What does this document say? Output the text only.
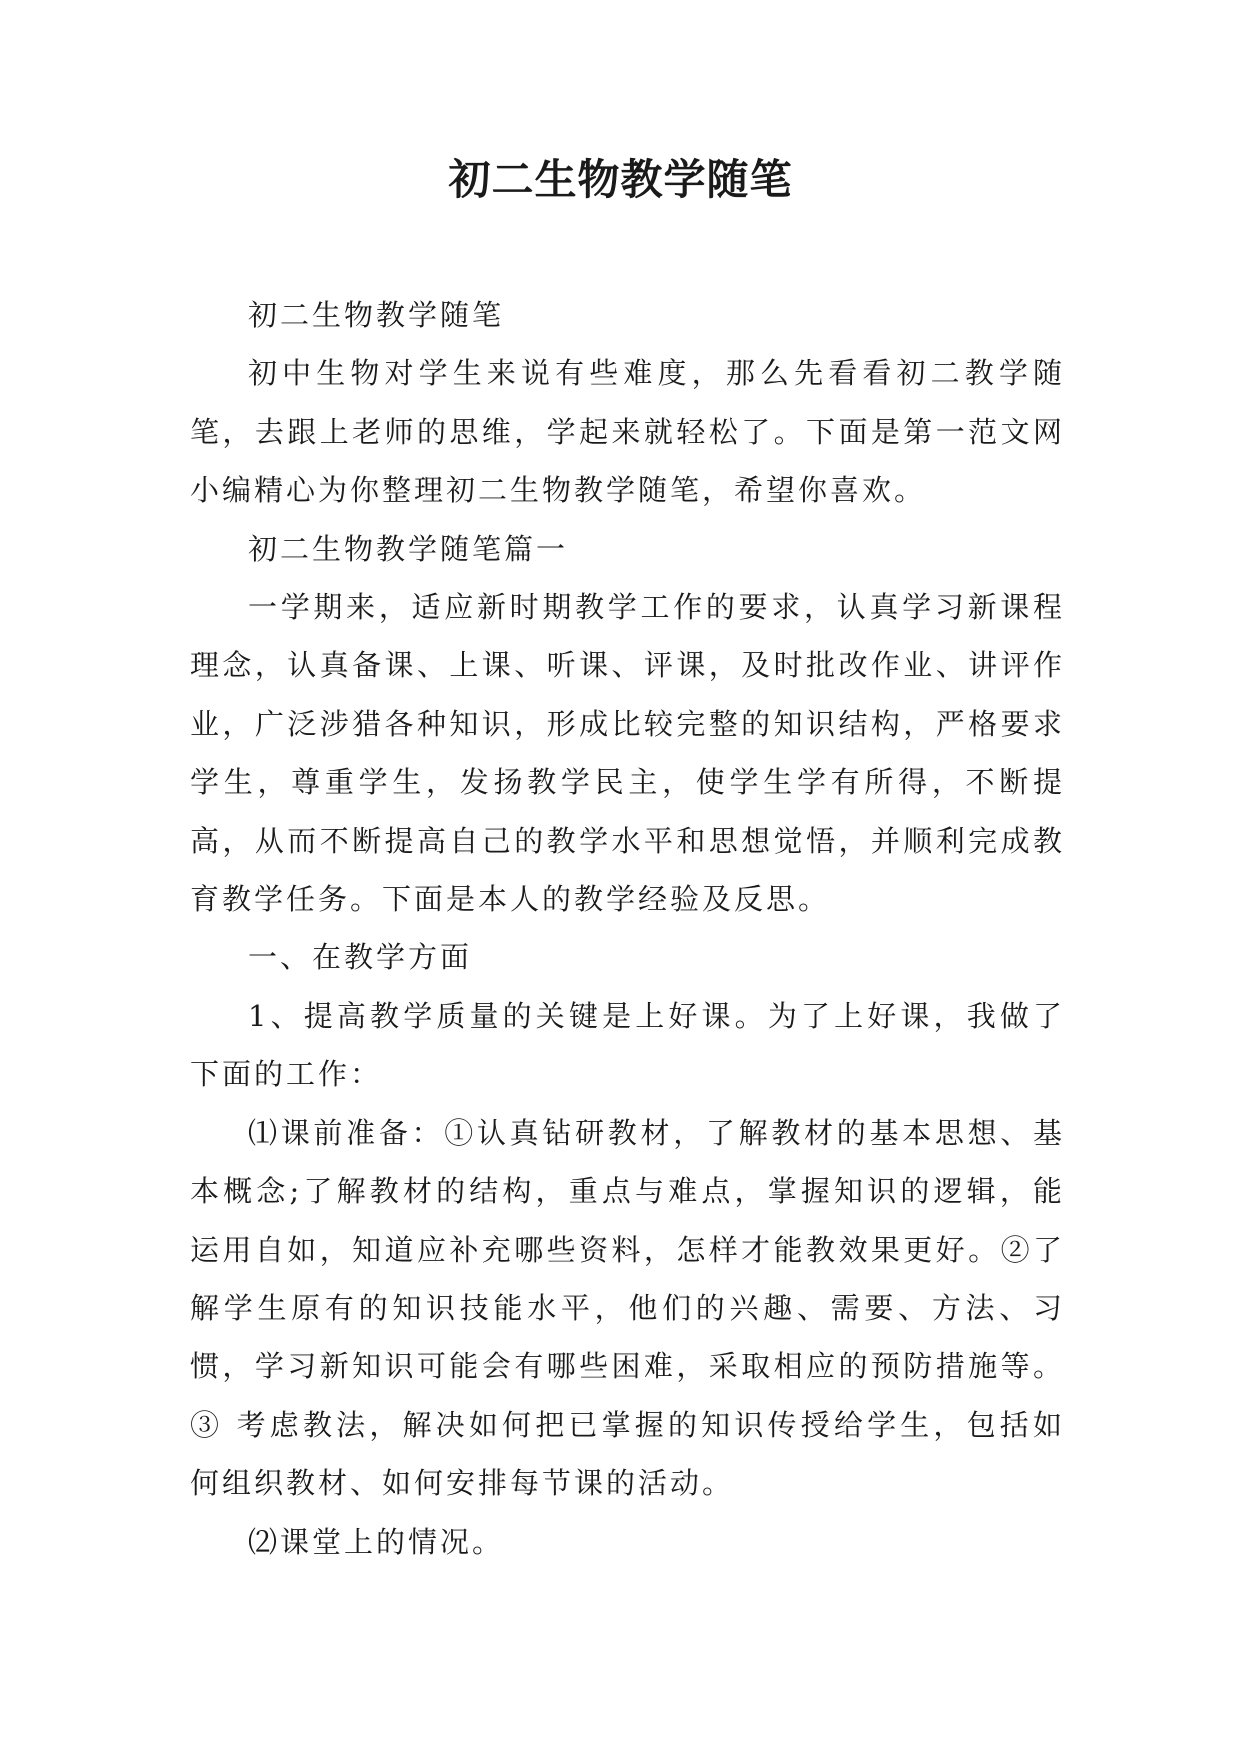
初二生物教学随笔

初二生物教学随笔

初中生物对学生来说有些难度，那么先看看初二教学随笔，去跟上老师的思维，学起来就轻松了。下面是第一范文网小编精心为你整理初二生物教学随笔，希望你喜欢。

初二生物教学随笔篇一

一学期来，适应新时期教学工作的要求，认真学习新课程理念，认真备课、上课、听课、评课，及时批改作业、讲评作业，广泛涉猎各种知识，形成比较完整的知识结构，严格要求学生，尊重学生，发扬教学民主，使学生学有所得，不断提高，从而不断提高自己的教学水平和思想觉悟，并顺利完成教育教学任务。下面是本人的教学经验及反思。

一、在教学方面

1、提高教学质量的关键是上好课。为了上好课，我做了下面的工作：

⑴课前准备：①认真钻研教材，了解教材的基本思想、基本概念;了解教材的结构，重点与难点，掌握知识的逻辑，能运用自如，知道应补充哪些资料，怎样才能教效果更好。②了解学生原有的知识技能水平，他们的兴趣、需要、方法、习惯，学习新知识可能会有哪些困难，采取相应的预防措施等。 ③ 考虑教法，解决如何把已掌握的知识传授给学生，包括如何组织教材、如何安排每节课的活动。

⑵课堂上的情况。
